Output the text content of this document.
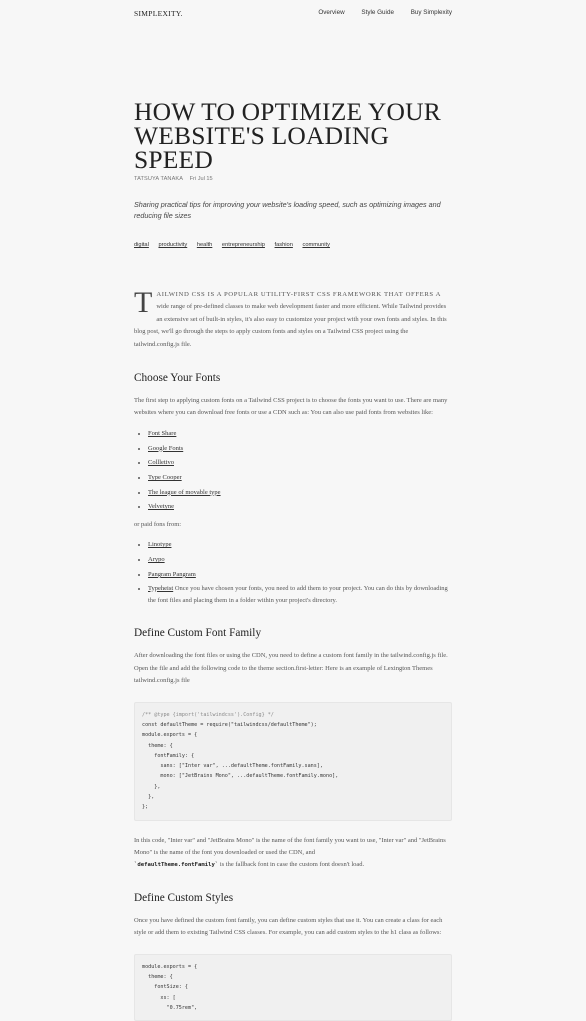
SIMPLEXITY.	Overview	Style Guide	Buy Simplexity
HOW TO OPTIMIZE YOUR WEBSITE'S LOADING SPEED
TATSUYA TANAKA Fri Jul 15
Sharing practical tips for improving your website's loading speed, such as optimizing images and reducing file sizes
digital productivity health entrepreneurship fashion community

TAILWIND CSS IS A POPULAR UTILITY-FIRST CSS FRAMEWORK THAT OFFERS A wide range of pre-defined classes to make web development faster and more efficient. While Tailwind provides an extensive set of built-in styles, it's also easy to customize your project with your own fonts and styles. In this blog post, we'll go through the steps to apply custom fonts and styles on a Tailwind CSS project using the tailwind.config.js file.

Choose Your Fonts

The first step to applying custom fonts on a Tailwind CSS project is to choose the fonts you want to use. There are many websites where you can download free fonts or use a CDN such as: You can also use paid fonts from websites like:

• Font Share
• Google Fonts
• Collletivo
• Type Cooper
• The league of movable type
• Velvetyne

or paid fons from:

• Linotype
• Arypo
• Pangram Pangram
• Typeheist Once you have chosen your fonts, you need to add them to your project. You can do this by downloading the font files and placing them in a folder within your project's directory.
Define Custom Font Family

After downloading the font files or using the CDN, you need to define a custom font family in the tailwind.config.js file. Open the file and add the following code to the theme section.first-letter: Here is an example of Lexington Themes tailwind.config.js file

/** @type {import('tailwindcss').Config} */
const defaultTheme = require("tailwindcss/defaultTheme");
module.exports = {
theme: {
fontFamily: {
sans: ["Inter var", ...defaultTheme.fontFamily.sans],
mono: ["JetBrains Mono", ...defaultTheme.fontFamily.mono],
},
},
};

In this code, "Inter var" and "JetBrains Mono" is the name of the font family you want to use, "Inter var" and "JetBrains Mono" is the name of the font you downloaded or used the CDN, and
`defaultTheme.fontFamily` is the fallback font in case the custom font doesn't load.

Define Custom Styles

Once you have defined the custom font family, you can define custom styles that use it. You can create a class for each style or add them to existing Tailwind CSS classes. For example, you can add custom styles to the h1 class as follows:

module.exports = {
theme: {
fontSize: {
xs: [
"0.75rem",
